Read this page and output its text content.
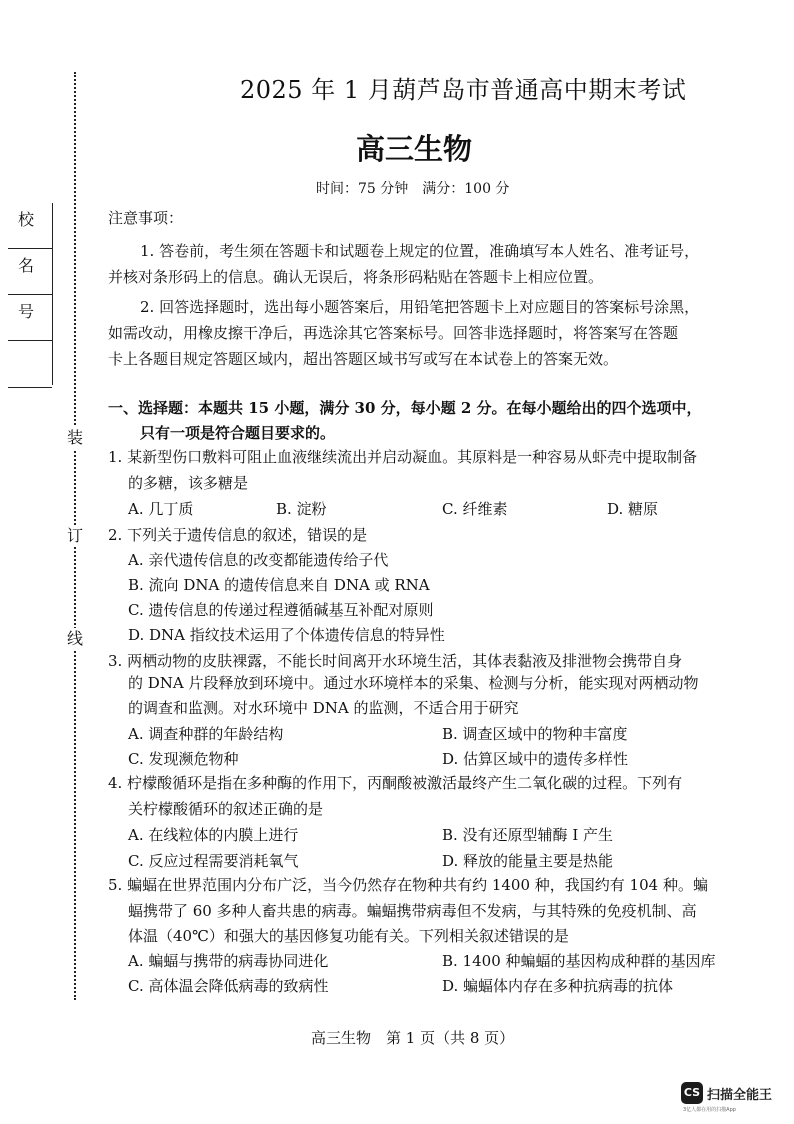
装
订
线
校
名
号
2025 年 1 月葫芦岛市普通高中期末考试
高三生物
时间：75 分钟　满分：100 分
注意事项：
1. 答卷前，考生须在答题卡和试题卷上规定的位置，准确填写本人姓名、准考证号，
并核对条形码上的信息。确认无误后，将条形码粘贴在答题卡上相应位置。
2. 回答选择题时，选出每小题答案后，用铅笔把答题卡上对应题目的答案标号涂黑，
如需改动，用橡皮擦干净后，再选涂其它答案标号。回答非选择题时，将答案写在答题
卡上各题目规定答题区域内，超出答题区域书写或写在本试卷上的答案无效。
一、选择题：本题共 15 小题，满分 30 分，每小题 2 分。在每小题给出的四个选项中，
只有一项是符合题目要求的。
1. 某新型伤口敷料可阻止血液继续流出并启动凝血。其原料是一种容易从虾壳中提取制备
的多糖，该多糖是
A. 几丁质	B. 淀粉	C. 纤维素	D. 糖原
2. 下列关于遗传信息的叙述，错误的是
A. 亲代遗传信息的改变都能遗传给子代
B. 流向 DNA 的遗传信息来自 DNA 或 RNA
C. 遗传信息的传递过程遵循碱基互补配对原则
D. DNA 指纹技术运用了个体遗传信息的特异性
3. 两栖动物的皮肤裸露，不能长时间离开水环境生活，其体表黏液及排泄物会携带自身
的 DNA 片段释放到环境中。通过水环境样本的采集、检测与分析，能实现对两栖动物
的调查和监测。对水环境中 DNA 的监测，不适合用于研究
A. 调查种群的年龄结构	B. 调查区域中的物种丰富度
C. 发现濒危物种	D. 估算区域中的遗传多样性
4. 柠檬酸循环是指在多种酶的作用下，丙酮酸被激活最终产生二氧化碳的过程。下列有
关柠檬酸循环的叙述正确的是
A. 在线粒体的内膜上进行	B. 没有还原型辅酶 I 产生
C. 反应过程需要消耗氧气	D. 释放的能量主要是热能
5. 蝙蝠在世界范围内分布广泛，当今仍然存在物种共有约 1400 种，我国约有 104 种。蝙
蝠携带了 60 多种人畜共患的病毒。蝙蝠携带病毒但不发病，与其特殊的免疫机制、高
体温（40℃）和强大的基因修复功能有关。下列相关叙述错误的是
A. 蝙蝠与携带的病毒协同进化	B. 1400 种蝙蝠的基因构成种群的基因库
C. 高体温会降低病毒的致病性	D. 蝙蝠体内存在多种抗病毒的抗体
高三生物　第 1 页（共 8 页）
CS 扫描全能王
3亿人都在用的扫描App
